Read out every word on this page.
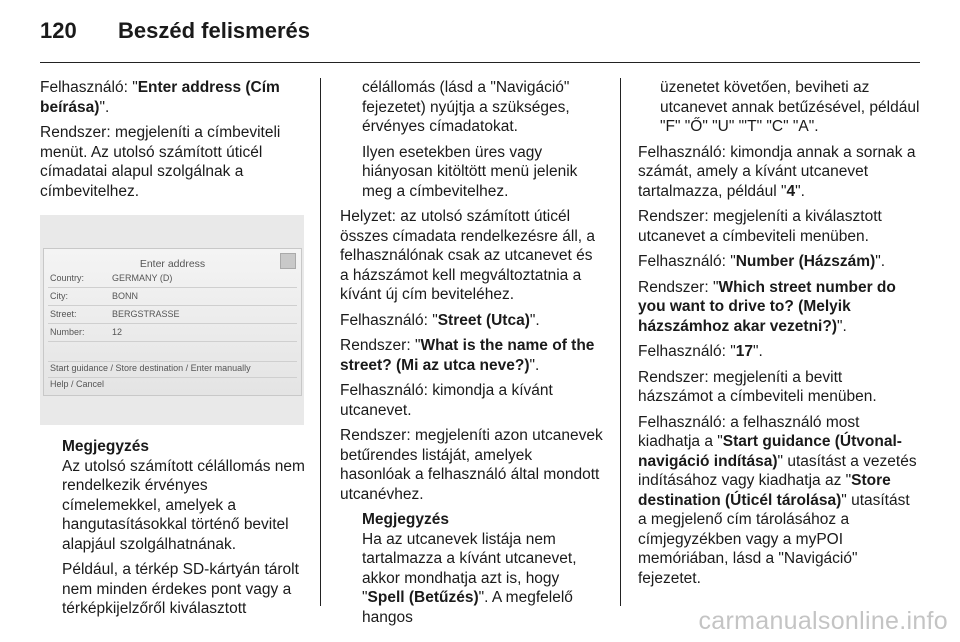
120	Beszéd felismerés

Felhasználó: "Enter address (Cím beírása)".

Rendszer: megjeleníti a címbeviteli menüt. Az utolsó számított úticél címadatai alapul szolgálnak a címbevitelhez.

Enter address
Country:	GERMANY (D)
City:	BONN
Street:	BERGSTRASSE
Number:	12
Start guidance / Store destination / Enter manually
Help / Cancel

Megjegyzés

Az utolsó számított célállomás nem rendelkezik érvényes címelemekkel, amelyek a hangutasításokkal történő bevitel alapjául szolgálhatnának.

Például, a térkép SD-kártyán tárolt nem minden érdekes pont vagy a térképkijelzőről kiválasztott

célállomás (lásd a "Navigáció" fejezetet) nyújtja a szükséges, érvényes címadatokat.

Ilyen esetekben üres vagy hiányosan kitöltött menü jelenik meg a címbevitelhez.

Helyzet: az utolsó számított úticél összes címadata rendelkezésre áll, a felhasználónak csak az utcanevet és a házszámot kell megváltoztatnia a kívánt új cím beviteléhez.

Felhasználó: "Street (Utca)".

Rendszer: "What is the name of the street? (Mi az utca neve?)".

Felhasználó: kimondja a kívánt utcanevet.

Rendszer: megjeleníti azon utcanevek betűrendes listáját, amelyek hasonlóak a felhasználó által mondott utcanévhez.

Megjegyzés

Ha az utcanevek listája nem tartalmazza a kívánt utcanevet, akkor mondhatja azt is, hogy "Spell (Betűzés)". A megfelelő hangos

üzenetet követően, beviheti az utcanevet annak betűzésével, például "F" "Ő" "U" "'T" "C" "A".

Felhasználó: kimondja annak a sornak a számát, amely a kívánt utcanevet tartalmazza, például "4".

Rendszer: megjeleníti a kiválasztott utcanevet a címbeviteli menüben.

Felhasználó: "Number (Házszám)".

Rendszer: "Which street number do you want to drive to? (Melyik házszámhoz akar vezetni?)".

Felhasználó: "17".

Rendszer: megjeleníti a bevitt házszámot a címbeviteli menüben.

Felhasználó: a felhasználó most kiadhatja a "Start guidance (Útvonal-navigáció indítása)" utasítást a vezetés indításához vagy kiadhatja az "Store destination (Úticél tárolása)" utasítást a megjelenő cím tárolásához a címjegyzékben vagy a myPOI memóriában, lásd a "Navigáció" fejezetet.

carmanualsonline.info
